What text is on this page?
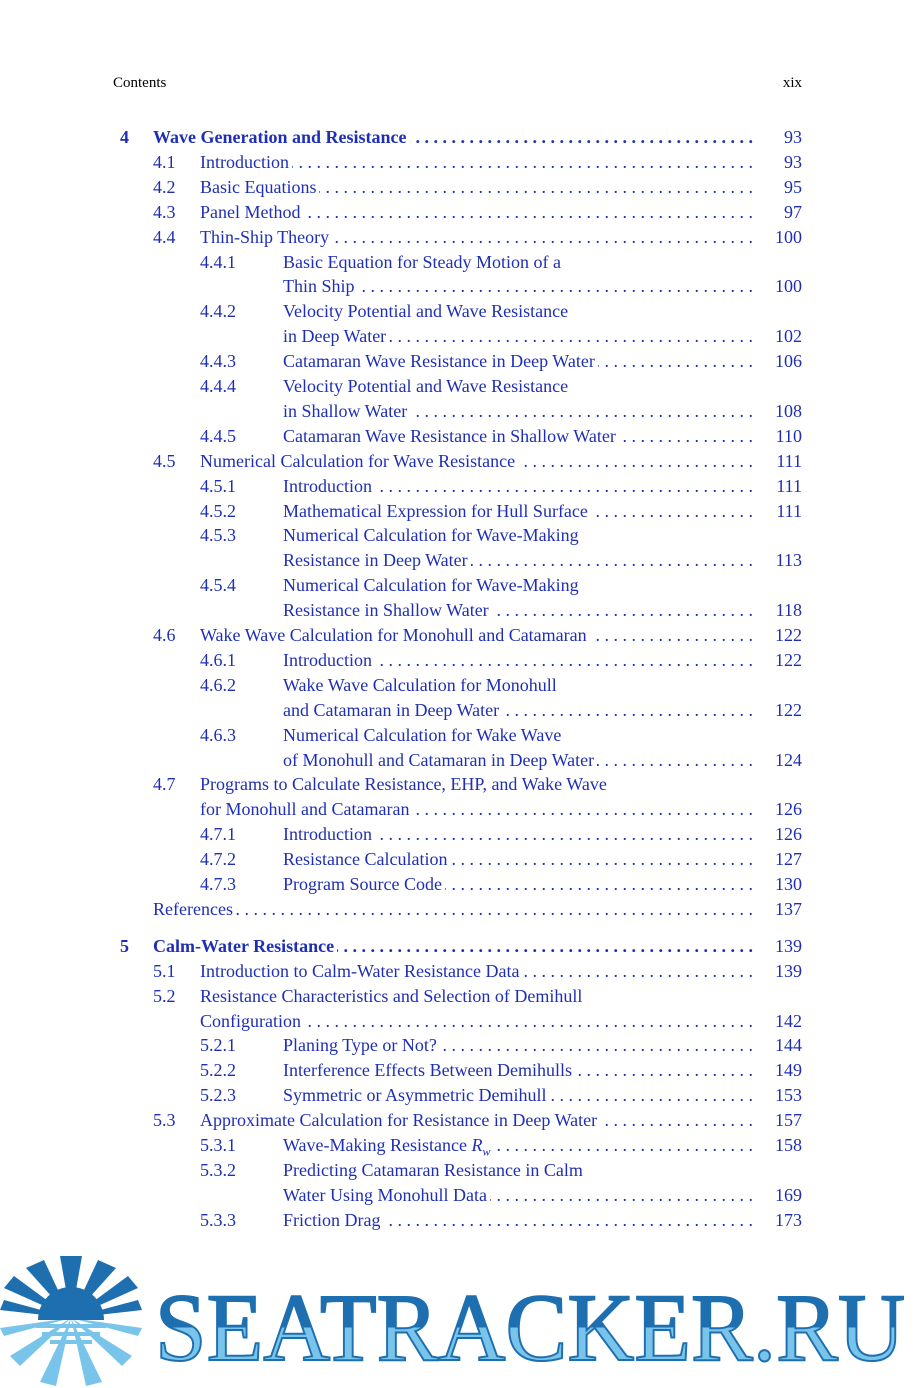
Contents	xix
4 Wave Generation and Resistance . . .	93
4.1 Introduction . . .	93
4.2 Basic Equations . . .	95
4.3 Panel Method . . .	97
4.4 Thin-Ship Theory . . .	100
4.4.1	Basic Equation for Steady Motion of a
Thin Ship . . .	100
4.4.2	Velocity Potential and Wave Resistance
in Deep Water . . .	102
4.4.3	Catamaran Wave Resistance in Deep Water . . .	106
4.4.4	Velocity Potential and Wave Resistance
in Shallow Water . . .	108
4.4.5	Catamaran Wave Resistance in Shallow Water . . .	110
4.5 Numerical Calculation for Wave Resistance . . .	111
4.5.1	Introduction . . .	111
4.5.2	Mathematical Expression for Hull Surface . . .	111
4.5.3	Numerical Calculation for Wave-Making
Resistance in Deep Water . . .	113
4.5.4	Numerical Calculation for Wave-Making
Resistance in Shallow Water . . .	118
4.6 Wake Wave Calculation for Monohull and Catamaran . . .	122
4.6.1	Introduction . . .	122
4.6.2	Wake Wave Calculation for Monohull
and Catamaran in Deep Water . . .	122
4.6.3	Numerical Calculation for Wake Wave
of Monohull and Catamaran in Deep Water . . .	124
4.7 Programs to Calculate Resistance, EHP, and Wake Wave
for Monohull and Catamaran . . .	126
4.7.1	Introduction . . .	126
4.7.2	Resistance Calculation . . .	127
4.7.3	Program Source Code . . .	130
References . . .	137
5 Calm-Water Resistance . . .	139
5.1 Introduction to Calm-Water Resistance Data . . .	139
5.2 Resistance Characteristics and Selection of Demihull
Configuration . . .	142
5.2.1	Planing Type or Not? . . .	144
5.2.2	Interference Effects Between Demihulls . . .	149
5.2.3	Symmetric or Asymmetric Demihull . . .	153
5.3 Approximate Calculation for Resistance in Deep Water . . .	157
5.3.1	Wave-Making Resistance $R_w$ . . .	158
5.3.2	Predicting Catamaran Resistance in Calm
Water Using Monohull Data . . .	169
5.3.3	Friction Drag . . .	173
SEATRACKER.RU
